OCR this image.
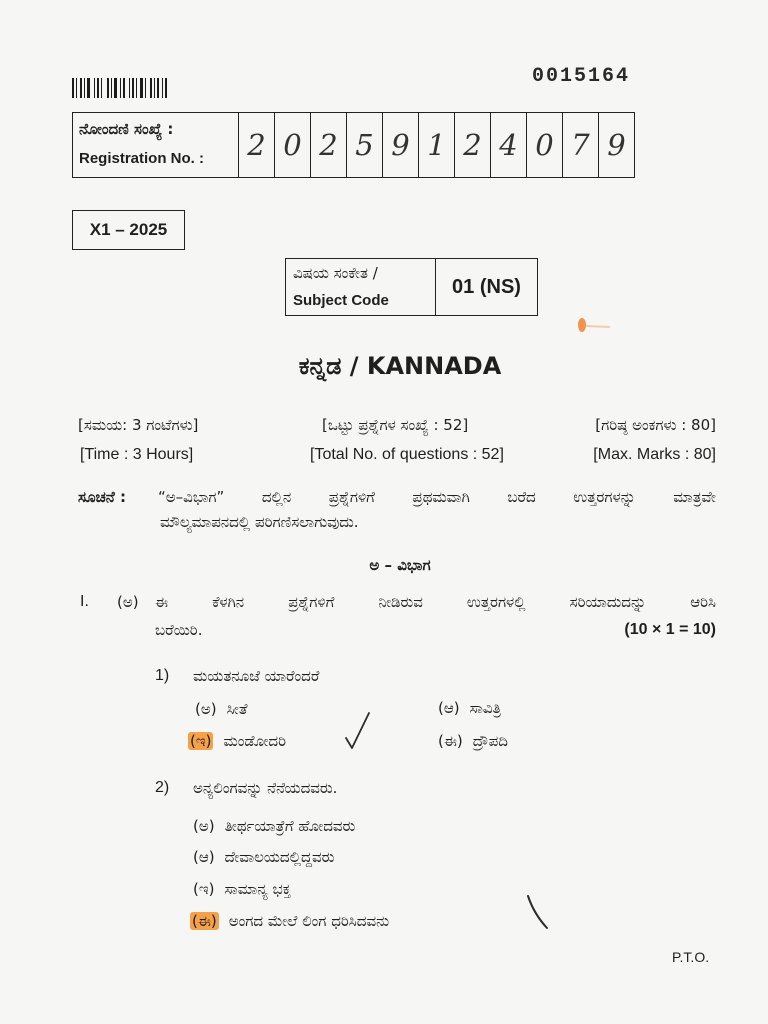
0015164
ನೋಂದಣಿ ಸಂಖ್ಯೆ :
Registration No. :	2 0 2 5 9 1 2 4 0 7 9
X1 – 2025
ವಿಷಯ ಸಂಕೇತ /
Subject Code
01 (NS)
ಕನ್ನಡ / KANNADA
[ಸಮಯ: 3 ಗಂಟೆಗಳು]	[ಒಟ್ಟು ಪ್ರಶ್ನೆಗಳ ಸಂಖ್ಯೆ : 52]	[ಗರಿಷ್ಠ ಅಂಕಗಳು : 80]
[Time : 3 Hours]	[Total No. of questions : 52]	[Max. Marks : 80]
ಸೂಚನೆ : “ಅ–ವಿಭಾಗ” ದಲ್ಲಿನ ಪ್ರಶ್ನೆಗಳಿಗೆ ಪ್ರಥಮವಾಗಿ ಬರೆದ ಉತ್ತರಗಳನ್ನು ಮಾತ್ರವೇ
ಮೌಲ್ಯಮಾಪನದಲ್ಲಿ ಪರಿಗಣಿಸಲಾಗುವುದು.
ಅ – ವಿಭಾಗ
I. (ಅ) ಈ ಕೆಳಗಿನ ಪ್ರಶ್ನೆಗಳಿಗೆ ನೀಡಿರುವ ಉತ್ತರಗಳಲ್ಲಿ ಸರಿಯಾದುದನ್ನು ಆರಿಸಿ
ಬರೆಯಿರಿ.	(10 × 1 = 10)
1) ಮಯತನೂಜೆ ಯಾರೆಂದರೆ
(ಅ) ಸೀತೆ	(ಆ) ಸಾವಿತ್ರಿ
(ಇ) ಮಂಡೋದರಿ	(ಈ) ದ್ರೌಪದಿ
2) ಅನ್ಯಲಿಂಗವನ್ನು ನೆನೆಯದವರು.
(ಅ) ತೀರ್ಥಯಾತ್ರೆಗೆ ಹೋದವರು
(ಆ) ದೇವಾಲಯದಲ್ಲಿದ್ದವರು
(ಇ) ಸಾಮಾನ್ಯ ಭಕ್ತ
(ಈ) ಅಂಗದ ಮೇಲೆ ಲಿಂಗ ಧರಿಸಿದವನು
P.T.O.
